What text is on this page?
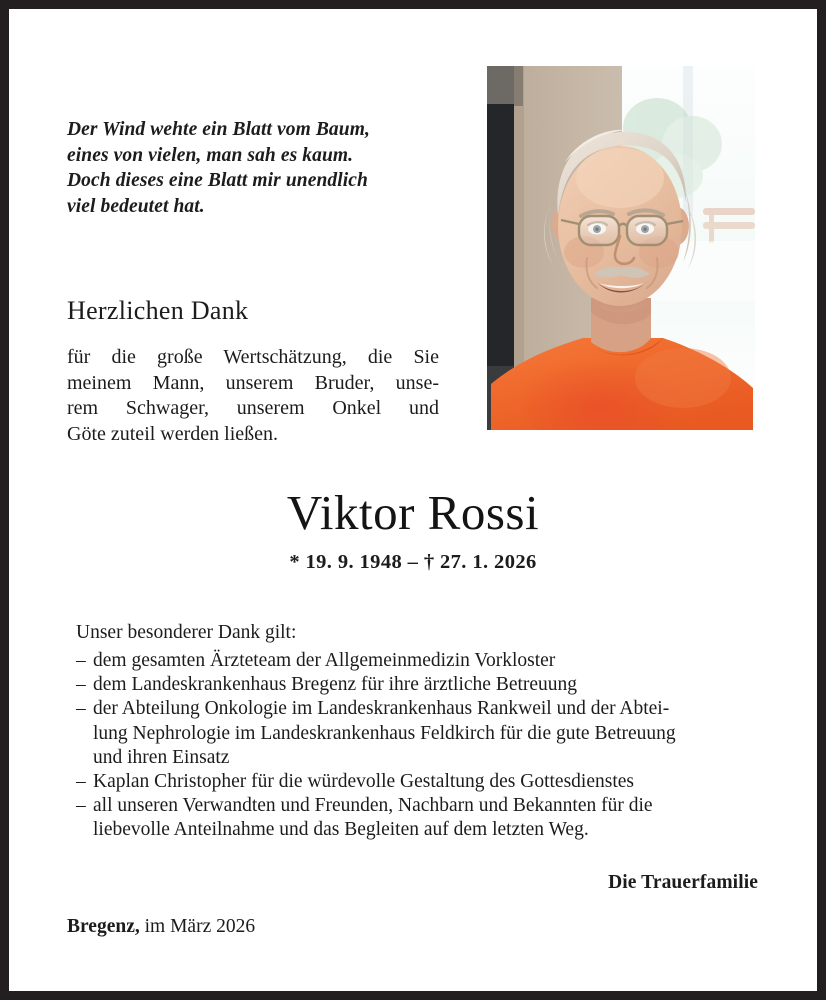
Der Wind wehte ein Blatt vom Baum,
eines von vielen, man sah es kaum.
Doch dieses eine Blatt mir unendlich
viel bedeutet hat.
Herzlichen Dank
für die große Wertschätzung, die Sie
meinem Mann, unserem Bruder, unse-
rem Schwager, unserem Onkel und
Göte zuteil werden ließen.
Viktor Rossi
* 19. 9. 1948 – † 27. 1. 2026
Unser besonderer Dank gilt:
– dem gesamten Ärzteteam der Allgemeinmedizin Vorkloster
– dem Landeskrankenhaus Bregenz für ihre ärztliche Betreuung
– der Abteilung Onkologie im Landeskrankenhaus Rankweil und der Abtei-
lung Nephrologie im Landeskrankenhaus Feldkirch für die gute Betreuung
und ihren Einsatz
– Kaplan Christopher für die würdevolle Gestaltung des Gottesdienstes
– all unseren Verwandten und Freunden, Nachbarn und Bekannten für die
liebevolle Anteilnahme und das Begleiten auf dem letzten Weg.
Die Trauerfamilie
Bregenz, im März 2026
